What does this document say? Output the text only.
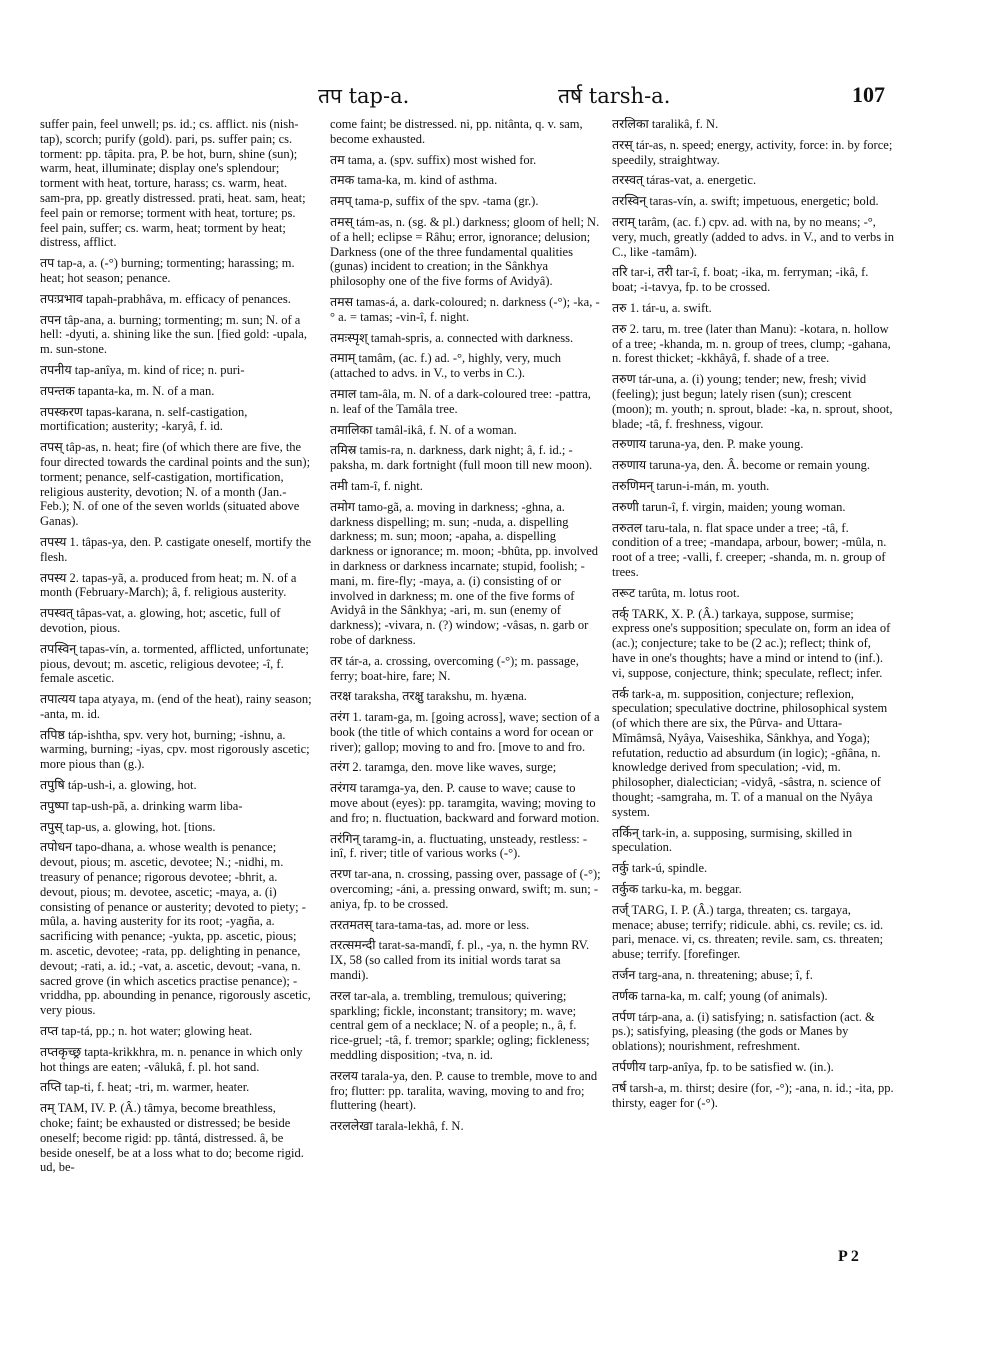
तप tap-a.	तर्ष tarsh-a.	107

suffer pain, feel unwell; ps. id.; cs. afflict. nis (nish-tap), scorch; purify (gold). pari, ps. suffer pain; cs. torment: pp. tâpita. pra, P. be hot, burn, shine (sun); warm, heat, illuminate; display one's splendour; torment with heat, torture, harass; cs. warm, heat. sam-pra, pp. greatly distressed. prati, heat. sam, heat; feel pain or remorse; torment with heat, torture; ps. feel pain, suffer; cs. warm, heat; torment by heat; distress, afflict.

तप tap-a, a. (-°) burning; tormenting; harassing; m. heat; hot season; penance.

तपःप्रभाव tapah-prabhâva, m. efficacy of penances.

तपन tâp-ana, a. burning; tormenting; m. sun; N. of a hell: -dyuti, a. shining like the sun. [fied gold: -upala, m. sun-stone.

तपनीय tap-anîya, m. kind of rice; n. puri-

तपन्तक tapanta-ka, m. N. of a man.

तपस्करण tapas-karana, n. self-castigation, mortification; austerity; -karyâ, f. id.

तपस् tâp-as, n. heat; fire (of which there are five, the four directed towards the cardinal points and the sun); torment; penance, self-castigation, mortification, religious austerity, devotion; N. of a month (Jan.-Feb.); N. of one of the seven worlds (situated above Ganas).

तपस्य 1. tâpas-ya, den. P. castigate oneself, mortify the flesh.

तपस्य 2. tapas-yã, a. produced from heat; m. N. of a month (February-March); â, f. religious austerity.

तपस्वत् tâpas-vat, a. glowing, hot; ascetic, full of devotion, pious.

तपस्विन् tapas-vín, a. tormented, afflicted, unfortunate; pious, devout; m. ascetic, religious devotee; -î, f. female ascetic.

तपात्यय tapa atyaya, m. (end of the heat), rainy season; -anta, m. id.

तपिष्ठ táp-ishtha, spv. very hot, burning; -ishnu, a. warming, burning; -iyas, cpv. most rigorously ascetic; more pious than (g.).

तपुषि táp-ush-i, a. glowing, hot.

तपुष्पा tap-ush-pã, a. drinking warm liba-

तपुस् tap-us, a. glowing, hot. [tions.

तपोधन tapo-dhana, a. whose wealth is penance; devout, pious; m. ascetic, devotee; N.; -nidhi, m. treasury of penance; rigorous devotee; -bhrit, a. devout, pious; m. devotee, ascetic; -maya, a. (i) consisting of penance or austerity; devoted to piety; -mûla, a. having austerity for its root; -yagña, a. sacrificing with penance; -yukta, pp. ascetic, pious; m. ascetic, devotee; -rata, pp. delighting in penance, devout; -rati, a. id.; -vat, a. ascetic, devout; -vana, n. sacred grove (in which ascetics practise penance); -vriddha, pp. abounding in penance, rigorously ascetic, very pious.

तप्त tap-tá, pp.; n. hot water; glowing heat.

तप्तकृच्छ्र tapta-krikkhra, m. n. penance in which only hot things are eaten; -vâlukâ, f. pl. hot sand.

तप्ति tap-ti, f. heat; -tri, m. warmer, heater.

तम् TAM, IV. P. (Â.) tâmya, become breathless, choke; faint; be exhausted or distressed; be beside oneself; become rigid: pp. tântá, distressed. â, be beside oneself, be at a loss what to do; become rigid. ud, be-

come faint; be distressed. ni, pp. nitânta, q. v. sam, become exhausted.

तम tama, a. (spv. suffix) most wished for.

तमक tama-ka, m. kind of asthma.

तमप् tama-p, suffix of the spv. -tama (gr.).

तमस् tám-as, n. (sg. & pl.) darkness; gloom of hell; N. of a hell; eclipse = Râhu; error, ignorance; delusion; Darkness (one of the three fundamental qualities (gunas) incident to creation; in the Sânkhya philosophy one of the five forms of Avidyâ).

तमस tamas-á, a. dark-coloured; n. darkness (-°); -ka, -° a. = tamas; -vin-î, f. night.

तमःस्पृश् tamah-spris, a. connected with darkness.

तमाम् tamâm, (ac. f.) ad. -°, highly, very, much (attached to advs. in V., to verbs in C.).

तमाल tam-âla, m. N. of a dark-coloured tree: -pattra, n. leaf of the Tamâla tree.

तमालिका tamâl-ikâ, f. N. of a woman.

तमिस्र tamis-ra, n. darkness, dark night; â, f. id.; -paksha, m. dark fortnight (full moon till new moon).

तमी tam-î, f. night.

तमोग tamo-gã, a. moving in darkness; -ghna, a. darkness dispelling; m. sun; -nuda, a. dispelling darkness; m. sun; moon; -apaha, a. dispelling darkness or ignorance; m. moon; -bhûta, pp. involved in darkness or darkness incarnate; stupid, foolish; -mani, m. fire-fly; -maya, a. (i) consisting of or involved in darkness; m. one of the five forms of Avidyâ in the Sânkhya; -ari, m. sun (enemy of darkness); -vivara, n. (?) window; -vâsas, n. garb or robe of darkness.

तर tár-a, a. crossing, overcoming (-°); m. passage, ferry; boat-hire, fare; N.

तरक्ष taraksha, तरक्षु tarakshu, m. hyæna.

तरंग 1. taram-ga, m. [going across], wave; section of a book (the title of which contains a word for ocean or river); gallop; moving to and fro. [move to and fro.

तरंग 2. taramga, den. move like waves, surge;

तरंगय taramga-ya, den. P. cause to wave; cause to move about (eyes): pp. taramgita, waving; moving to and fro; n. fluctuation, backward and forward motion.

तरंगिन् taramg-in, a. fluctuating, unsteady, restless: -inî, f. river; title of various works (-°).

तरण tar-ana, n. crossing, passing over, passage of (-°); overcoming; -áni, a. pressing onward, swift; m. sun; -aniya, fp. to be crossed.

तरतमतस् tara-tama-tas, ad. more or less.

तरत्समन्दी tarat-sa-mandî, f. pl., -ya, n. the hymn RV. IX, 58 (so called from its initial words tarat sa mandi).

तरल tar-ala, a. trembling, tremulous; quivering; sparkling; fickle, inconstant; transitory; m. wave; central gem of a necklace; N. of a people; n., â, f. rice-gruel; -tâ, f. tremor; sparkle; ogling; fickleness; meddling disposition; -tva, n. id.

तरलय tarala-ya, den. P. cause to tremble, move to and fro; flutter: pp. taralita, waving, moving to and fro; fluttering (heart).

तरललेखा tarala-lekhâ, f. N.

तरलिका taralikâ, f. N.

तरस् tár-as, n. speed; energy, activity, force: in. by force; speedily, straightway.

तरस्वत् táras-vat, a. energetic.

तरस्विन् taras-vín, a. swift; impetuous, energetic; bold.

तराम् tarâm, (ac. f.) cpv. ad. with na, by no means; -°, very, much, greatly (added to advs. in V., and to verbs in C., like -tamâm).

तरि tar-i, तरी tar-î, f. boat; -ika, m. ferryman; -ikâ, f. boat; -i-tavya, fp. to be crossed.

तरु 1. tár-u, a. swift.

तरु 2. taru, m. tree (later than Manu): -kotara, n. hollow of a tree; -khanda, m. n. group of trees, clump; -gahana, n. forest thicket; -kkhâyâ, f. shade of a tree.

तरुण tár-una, a. (i) young; tender; new, fresh; vivid (feeling); just begun; lately risen (sun); crescent (moon); m. youth; n. sprout, blade: -ka, n. sprout, shoot, blade; -tâ, f. freshness, vigour.

तरुणाय taruna-ya, den. P. make young.

तरुणाय taruna-ya, den. Â. become or remain young.

तरुणिमन् tarun-i-mán, m. youth.

तरुणी tarun-î, f. virgin, maiden; young woman.

तरुतल taru-tala, n. flat space under a tree; -tâ, f. condition of a tree; -mandapa, arbour, bower; -mûla, n. root of a tree; -valli, f. creeper; -shanda, m. n. group of trees.

तरूट tarûta, m. lotus root.

तर्क् TARK, X. P. (Â.) tarkaya, suppose, surmise; express one's supposition; speculate on, form an idea of (ac.); conjecture; take to be (2 ac.); reflect; think of, have in one's thoughts; have a mind or intend to (inf.). vi, suppose, conjecture, think; speculate, reflect; infer.

तर्क tark-a, m. supposition, conjecture; reflexion, speculation; speculative doctrine, philosophical system (of which there are six, the Pûrva- and Uttara-Mîmâmsâ, Nyâya, Vaiseshika, Sânkhya, and Yoga); refutation, reductio ad absurdum (in logic); -gñâna, n. knowledge derived from speculation; -vid, m. philosopher, dialectician; -vidyâ, -sâstra, n. science of thought; -samgraha, m. T. of a manual on the Nyâya system.

तर्किन् tark-in, a. supposing, surmising, skilled in speculation.

तर्कु tark-ú, spindle.

तर्कुक tarku-ka, m. beggar.

तर्ज् TARG, I. P. (Â.) targa, threaten; cs. targaya, menace; abuse; terrify; ridicule. abhi, cs. revile; cs. id. pari, menace. vi, cs. threaten; revile. sam, cs. threaten; abuse; terrify. [forefinger.

तर्जन targ-ana, n. threatening; abuse; î, f.

तर्णक tarna-ka, m. calf; young (of animals).

तर्पण tárp-ana, a. (i) satisfying; n. satisfaction (act. & ps.); satisfying, pleasing (the gods or Manes by oblations); nourishment, refreshment.

तर्पणीय tarp-anîya, fp. to be satisfied w. (in.).

तर्ष tarsh-a, m. thirst; desire (for, -°); -ana, n. id.; -ita, pp. thirsty, eager for (-°).

P 2
